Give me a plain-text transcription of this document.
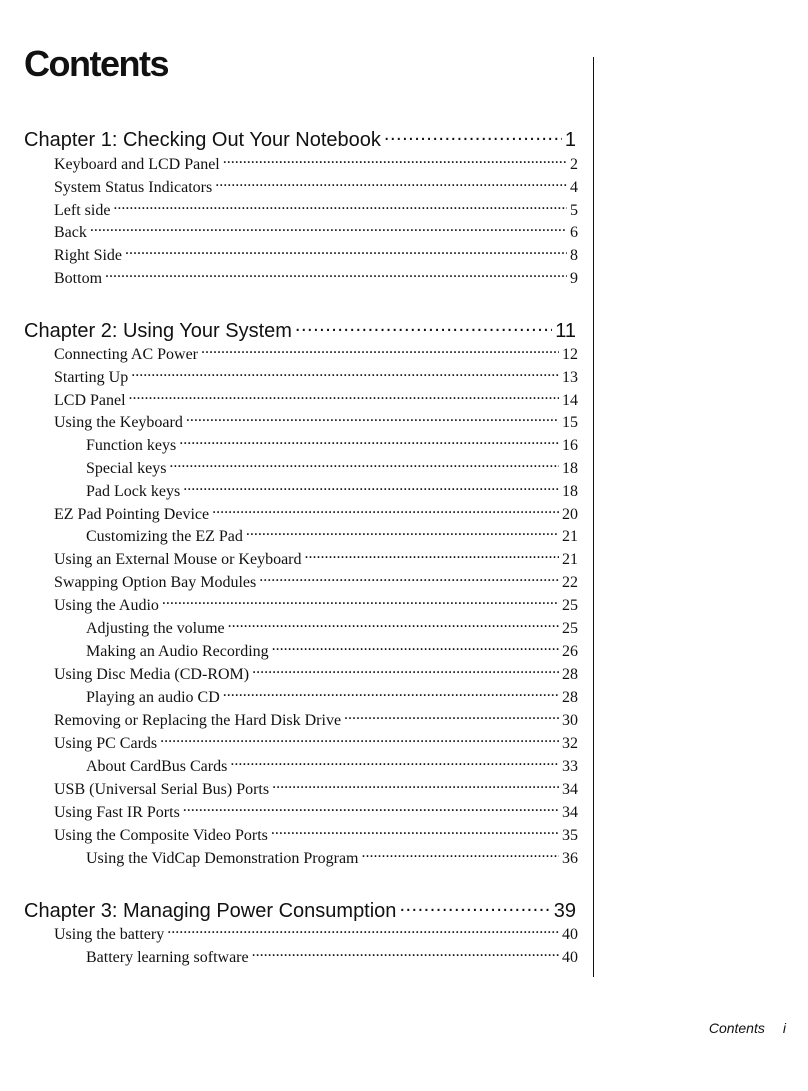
Contents
Chapter 1: Checking Out Your Notebook .....	1
Keyboard and LCD Panel .....	2
System Status Indicators .....	4
Left side .....	5
Back .....	6
Right Side .....	8
Bottom .....	9
Chapter 2: Using Your System .....	11
Connecting AC Power .....	12
Starting Up .....	13
LCD Panel .....	14
Using the Keyboard .....	15
Function keys .....	16
Special keys .....	18
Pad Lock keys .....	18
EZ Pad Pointing Device .....	20
Customizing the EZ Pad .....	21
Using an External Mouse or Keyboard .....	21
Swapping Option Bay Modules .....	22
Using the Audio .....	25
Adjusting the volume .....	25
Making an Audio Recording .....	26
Using Disc Media (CD-ROM) .....	28
Playing an audio CD .....	28
Removing or Replacing the Hard Disk Drive .....	30
Using PC Cards .....	32
About CardBus Cards .....	33
USB (Universal Serial Bus) Ports .....	34
Using Fast IR Ports .....	34
Using the Composite Video Ports .....	35
Using the VidCap Demonstration Program .....	36
Chapter 3: Managing Power Consumption .....	39
Using the battery .....	40
Battery learning software .....	40
Contents i
